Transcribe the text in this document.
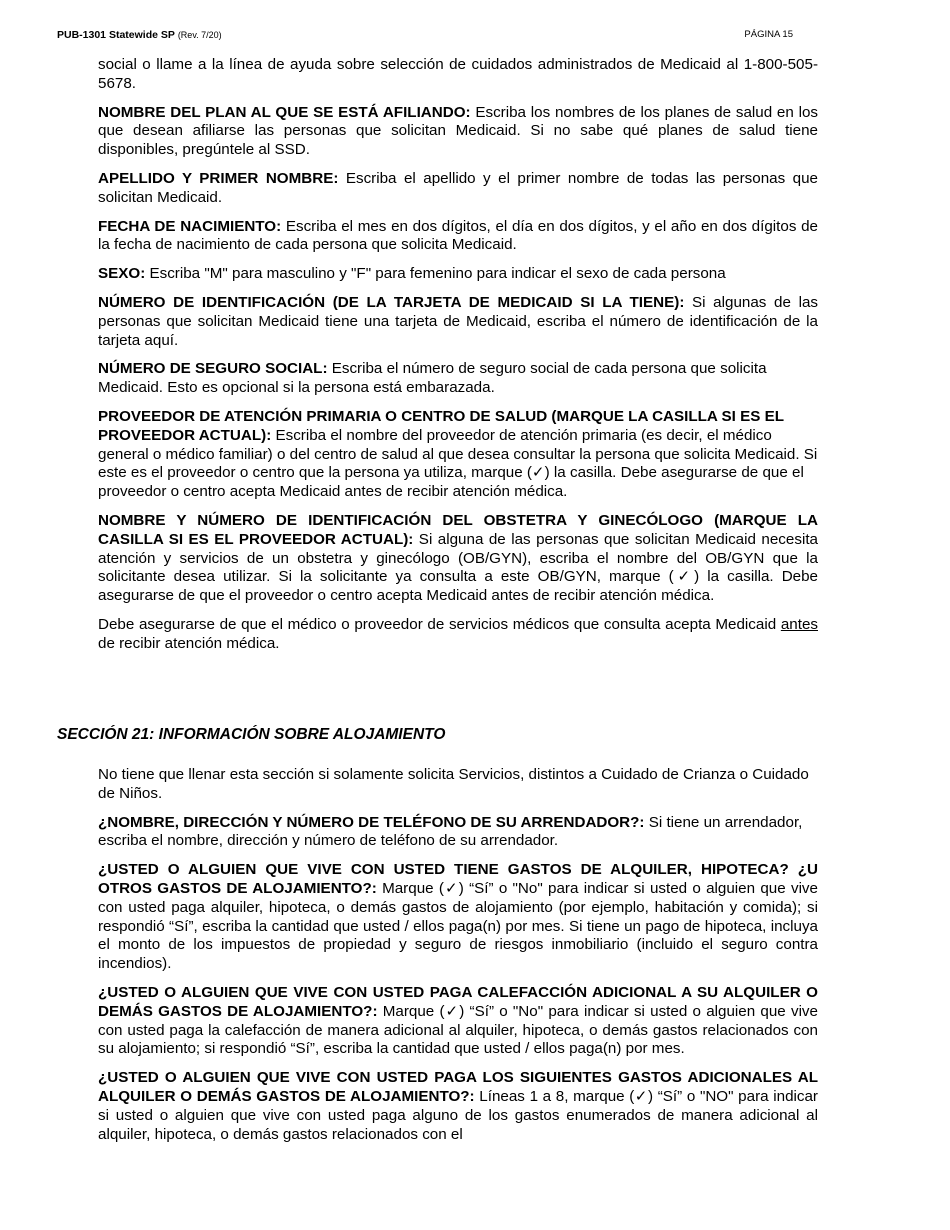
PUB-1301 Statewide SP (Rev. 7/20)	PÁGINA 15

social o llame a la línea de ayuda sobre selección de cuidados administrados de Medicaid al 1-800-505-5678.

NOMBRE DEL PLAN AL QUE SE ESTÁ AFILIANDO: Escriba los nombres de los planes de salud en los que desean afiliarse las personas que solicitan Medicaid. Si no sabe qué planes de salud tiene disponibles, pregúntele al SSD.

APELLIDO Y PRIMER NOMBRE: Escriba el apellido y el primer nombre de todas las personas que solicitan Medicaid.

FECHA DE NACIMIENTO: Escriba el mes en dos dígitos, el día en dos dígitos, y el año en dos dígitos de la fecha de nacimiento de cada persona que solicita Medicaid.

SEXO: Escriba "M" para masculino y "F" para femenino para indicar el sexo de cada persona

NÚMERO DE IDENTIFICACIÓN (DE LA TARJETA DE MEDICAID SI LA TIENE): Si algunas de las personas que solicitan Medicaid tiene una tarjeta de Medicaid, escriba el número de identificación de la tarjeta aquí.

NÚMERO DE SEGURO SOCIAL: Escriba el número de seguro social de cada persona que solicita Medicaid. Esto es opcional si la persona está embarazada.

PROVEEDOR DE ATENCIÓN PRIMARIA O CENTRO DE SALUD (MARQUE LA CASILLA SI ES EL PROVEEDOR ACTUAL): Escriba el nombre del proveedor de atención primaria (es decir, el médico general o médico familiar) o del centro de salud al que desea consultar la persona que solicita Medicaid. Si este es el proveedor o centro que la persona ya utiliza, marque (✓) la casilla. Debe asegurarse de que el proveedor o centro acepta Medicaid antes de recibir atención médica.

NOMBRE Y NÚMERO DE IDENTIFICACIÓN DEL OBSTETRA Y GINECÓLOGO (MARQUE LA CASILLA SI ES EL PROVEEDOR ACTUAL): Si alguna de las personas que solicitan Medicaid necesita atención y servicios de un obstetra y ginecólogo (OB/GYN), escriba el nombre del OB/GYN que la solicitante desea utilizar. Si la solicitante ya consulta a este OB/GYN, marque (✓) la casilla. Debe asegurarse de que el proveedor o centro acepta Medicaid antes de recibir atención médica.

Debe asegurarse de que el médico o proveedor de servicios médicos que consulta acepta Medicaid antes de recibir atención médica.

SECCIÓN 21: INFORMACIÓN SOBRE ALOJAMIENTO

No tiene que llenar esta sección si solamente solicita Servicios, distintos a Cuidado de Crianza o Cuidado de Niños.

¿NOMBRE, DIRECCIÓN Y NÚMERO DE TELÉFONO DE SU ARRENDADOR?: Si tiene un arrendador, escriba el nombre, dirección y número de teléfono de su arrendador.

¿USTED O ALGUIEN QUE VIVE CON USTED TIENE GASTOS DE ALQUILER, HIPOTECA? ¿U OTROS GASTOS DE ALOJAMIENTO?: Marque (✓) “Sí” o "No" para indicar si usted o alguien que vive con usted paga alquiler, hipoteca, o demás gastos de alojamiento (por ejemplo, habitación y comida); si respondió “Sí”, escriba la cantidad que usted / ellos paga(n) por mes. Si tiene un pago de hipoteca, incluya el monto de los impuestos de propiedad y seguro de riesgos inmobiliario (incluido el seguro contra incendios).

¿USTED O ALGUIEN QUE VIVE CON USTED PAGA CALEFACCIÓN ADICIONAL A SU ALQUILER O DEMÁS GASTOS DE ALOJAMIENTO?: Marque (✓) “Sí” o "No" para indicar si usted o alguien que vive con usted paga la calefacción de manera adicional al alquiler, hipoteca, o demás gastos relacionados con su alojamiento; si respondió “Sí”, escriba la cantidad que usted / ellos paga(n) por mes.

¿USTED O ALGUIEN QUE VIVE CON USTED PAGA LOS SIGUIENTES GASTOS ADICIONALES AL ALQUILER O DEMÁS GASTOS DE ALOJAMIENTO?: Líneas 1 a 8, marque (✓) “Sí” o "NO" para indicar si usted o alguien que vive con usted paga alguno de los gastos enumerados de manera adicional al alquiler, hipoteca, o demás gastos relacionados con el
